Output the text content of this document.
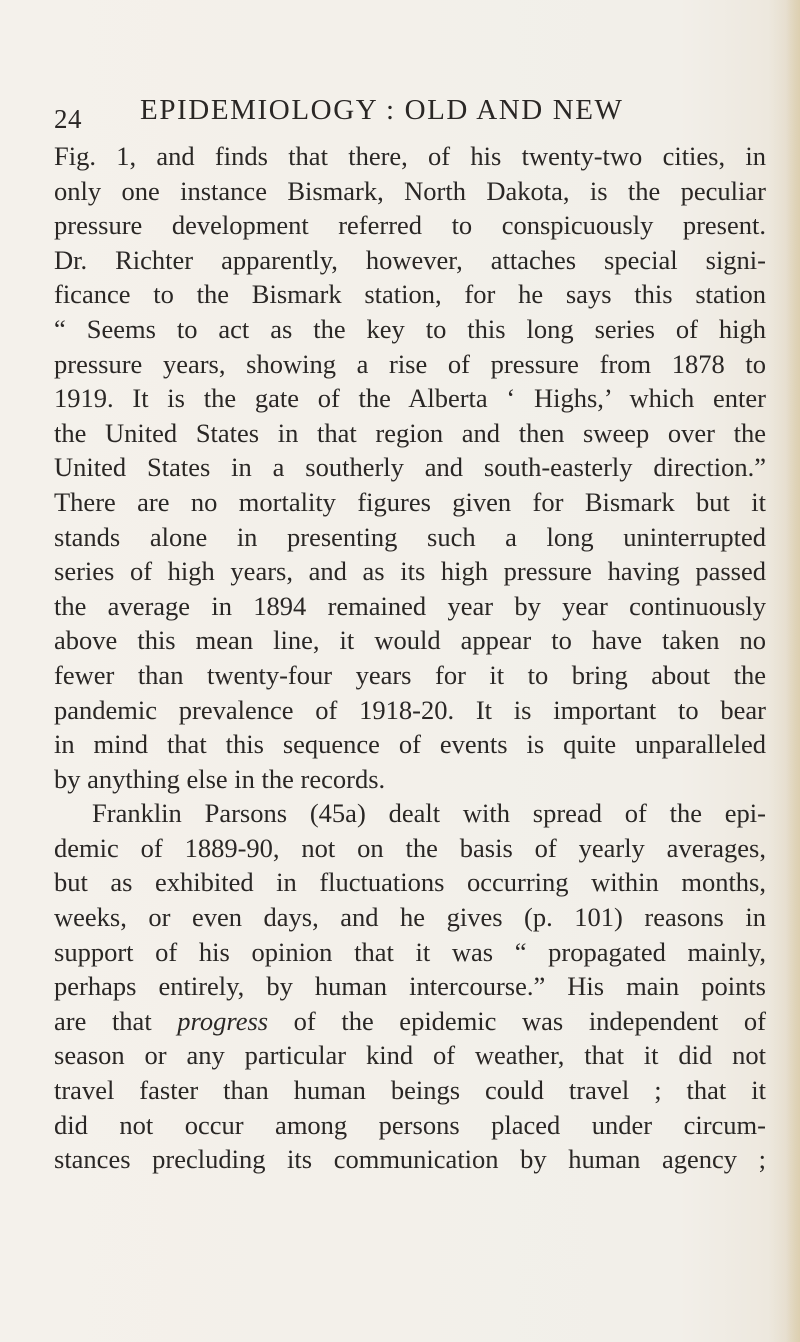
24 EPIDEMIOLOGY : OLD AND NEW
Fig. 1, and finds that there, of his twenty-two cities, in
only one instance Bismark, North Dakota, is the peculiar
pressure development referred to conspicuously present.
Dr. Richter apparently, however, attaches special signi-
ficance to the Bismark station, for he says this station
“ Seems to act as the key to this long series of high
pressure years, showing a rise of pressure from 1878 to
1919. It is the gate of the Alberta ‘ Highs,’ which enter
the United States in that region and then sweep over the
United States in a southerly and south-easterly direction.”
There are no mortality figures given for Bismark but it
stands alone in presenting such a long uninterrupted
series of high years, and as its high pressure having passed
the average in 1894 remained year by year continuously
above this mean line, it would appear to have taken no
fewer than twenty-four years for it to bring about the
pandemic prevalence of 1918-20. It is important to bear
in mind that this sequence of events is quite unparalleled
by anything else in the records.
Franklin Parsons (45a) dealt with spread of the epi-
demic of 1889-90, not on the basis of yearly averages,
but as exhibited in fluctuations occurring within months,
weeks, or even days, and he gives (p. 101) reasons in
support of his opinion that it was “ propagated mainly,
perhaps entirely, by human intercourse.” His main points
are that progress of the epidemic was independent of
season or any particular kind of weather, that it did not
travel faster than human beings could travel ; that it
did not occur among persons placed under circum-
stances precluding its communication by human agency ;
